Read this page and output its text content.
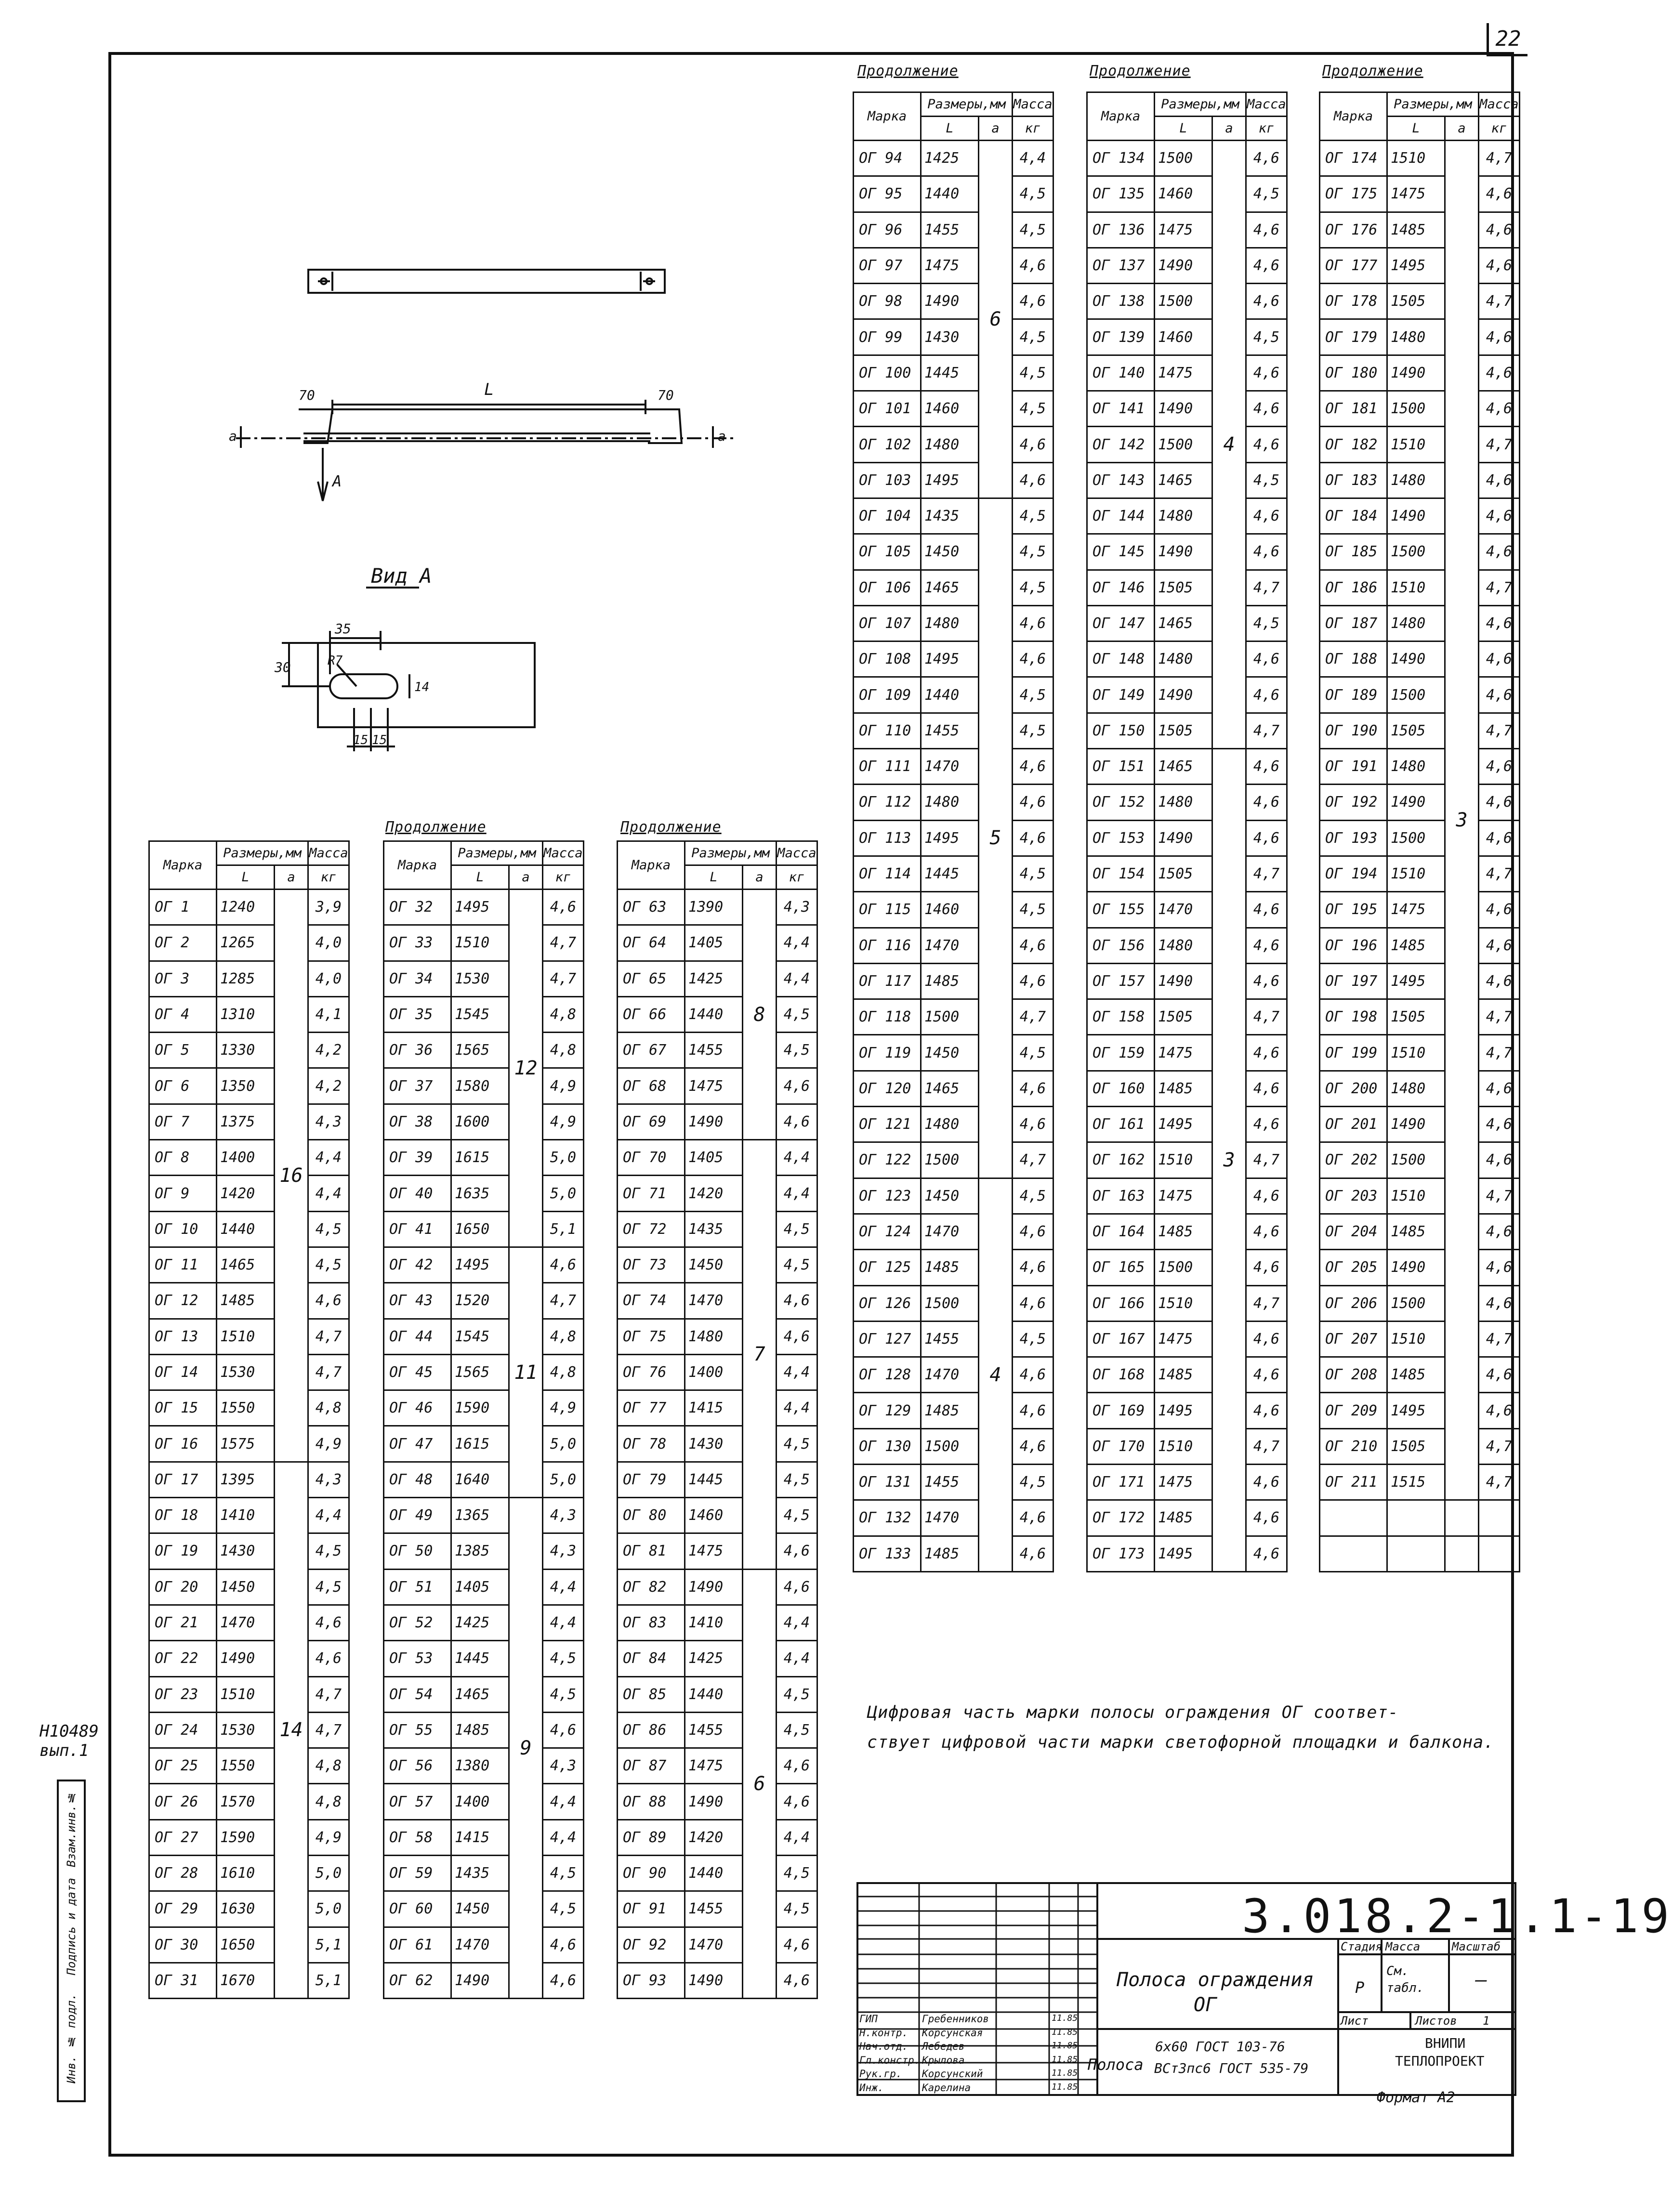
22
L
70	70
a	a
A
Вид А
35
30	R7
14
15 15
Продолжение	Продолжение	Продолжение
Продолжение	Продолжение
Марка	Размеры,мм		Масса
	L	a	кг
ОГ 1	1240	16	3,9
ОГ 2	1265		4,0
ОГ 3	1285		4,0
ОГ 4	1310		4,1
ОГ 5	1330		4,2
ОГ 6	1350		4,2
ОГ 7	1375		4,3
ОГ 8	1400		4,4
ОГ 9	1420		4,4
ОГ 10	1440		4,5
ОГ 11	1465		4,5
ОГ 12	1485		4,6
ОГ 13	1510		4,7
ОГ 14	1530		4,7
ОГ 15	1550		4,8
ОГ 16	1575		4,9
ОГ 17	1395	14	4,3
ОГ 18	1410		4,4
ОГ 19	1430		4,5
ОГ 20	1450		4,5
ОГ 21	1470		4,6
ОГ 22	1490		4,6
ОГ 23	1510		4,7
ОГ 24	1530		4,7
ОГ 25	1550		4,8
ОГ 26	1570		4,8
ОГ 27	1590		4,9
ОГ 28	1610		5,0
ОГ 29	1630		5,0
ОГ 30	1650		5,1
ОГ 31	1670		5,1
Марка	Размеры,мм		Масса
	L	a	кг
ОГ 32	1495	12	4,6
ОГ 33	1510		4,7
ОГ 34	1530		4,7
ОГ 35	1545		4,8
ОГ 36	1565		4,8
ОГ 37	1580		4,9
ОГ 38	1600		4,9
ОГ 39	1615		5,0
ОГ 40	1635		5,0
ОГ 41	1650		5,1
ОГ 42	1495	11	4,6
ОГ 43	1520		4,7
ОГ 44	1545		4,8
ОГ 45	1565		4,8
ОГ 46	1590		4,9
ОГ 47	1615		5,0
ОГ 48	1640		5,0
ОГ 49	1365	9	4,3
ОГ 50	1385		4,3
ОГ 51	1405		4,4
ОГ 52	1425		4,4
ОГ 53	1445		4,5
ОГ 54	1465		4,5
ОГ 55	1485		4,6
ОГ 56	1380		4,3
ОГ 57	1400		4,4
ОГ 58	1415		4,4
ОГ 59	1435		4,5
ОГ 60	1450		4,5
ОГ 61	1470		4,6
ОГ 62	1490		4,6
Марка	Размеры,мм		Масса
	L	a	кг
ОГ 63	1390	8	4,3
ОГ 64	1405		4,4
ОГ 65	1425		4,4
ОГ 66	1440		4,5
ОГ 67	1455		4,5
ОГ 68	1475		4,6
ОГ 69	1490		4,6
ОГ 70	1405	7	4,4
ОГ 71	1420		4,4
ОГ 72	1435		4,5
ОГ 73	1450		4,5
ОГ 74	1470		4,6
ОГ 75	1480		4,6
ОГ 76	1400		4,4
ОГ 77	1415		4,4
ОГ 78	1430		4,5
ОГ 79	1445		4,5
ОГ 80	1460		4,5
ОГ 81	1475		4,6
ОГ 82	1490	6	4,6
ОГ 83	1410		4,4
ОГ 84	1425		4,4
ОГ 85	1440		4,5
ОГ 86	1455		4,5
ОГ 87	1475		4,6
ОГ 88	1490		4,6
ОГ 89	1420		4,4
ОГ 90	1440		4,5
ОГ 91	1455		4,5
ОГ 92	1470		4,6
ОГ 93	1490		4,6
Марка	Размеры,мм		Масса
	L	a	кг
ОГ 94	1425	6	4,4
ОГ 95	1440		4,5
ОГ 96	1455		4,5
ОГ 97	1475		4,6
ОГ 98	1490		4,6
ОГ 99	1430		4,5
ОГ 100	1445		4,5
ОГ 101	1460		4,5
ОГ 102	1480		4,6
ОГ 103	1495		4,6
ОГ 104	1435	5	4,5
ОГ 105	1450		4,5
ОГ 106	1465		4,5
ОГ 107	1480		4,6
ОГ 108	1495		4,6
ОГ 109	1440		4,5
ОГ 110	1455		4,5
ОГ 111	1470		4,6
ОГ 112	1480		4,6
ОГ 113	1495		4,6
ОГ 114	1445		4,5
ОГ 115	1460		4,5
ОГ 116	1470		4,6
ОГ 117	1485		4,6
ОГ 118	1500		4,7
ОГ 119	1450		4,5
ОГ 120	1465		4,6
ОГ 121	1480		4,6
ОГ 122	1500		4,7
ОГ 123	1450	4	4,5
ОГ 124	1470		4,6
ОГ 125	1485		4,6
ОГ 126	1500		4,6
ОГ 127	1455		4,5
ОГ 128	1470		4,6
ОГ 129	1485		4,6
ОГ 130	1500		4,6
ОГ 131	1455		4,5
ОГ 132	1470		4,6
ОГ 133	1485		4,6
Марка	Размеры,мм		Масса
	L	a	кг
ОГ 134	1500	4	4,6
ОГ 135	1460		4,5
ОГ 136	1475		4,6
ОГ 137	1490		4,6
ОГ 138	1500		4,6
ОГ 139	1460		4,5
ОГ 140	1475		4,6
ОГ 141	1490		4,6
ОГ 142	1500		4,6
ОГ 143	1465		4,5
ОГ 144	1480		4,6
ОГ 145	1490		4,6
ОГ 146	1505		4,7
ОГ 147	1465		4,5
ОГ 148	1480		4,6
ОГ 149	1490		4,6
ОГ 150	1505		4,7
ОГ 151	1465	3	4,6
ОГ 152	1480		4,6
ОГ 153	1490		4,6
ОГ 154	1505		4,7
ОГ 155	1470		4,6
ОГ 156	1480		4,6
ОГ 157	1490		4,6
ОГ 158	1505		4,7
ОГ 159	1475		4,6
ОГ 160	1485		4,6
ОГ 161	1495		4,6
ОГ 162	1510		4,7
ОГ 163	1475		4,6
ОГ 164	1485		4,6
ОГ 165	1500		4,6
ОГ 166	1510		4,7
ОГ 167	1475		4,6
ОГ 168	1485		4,6
ОГ 169	1495		4,6
ОГ 170	1510		4,7
ОГ 171	1475		4,6
ОГ 172	1485		4,6
ОГ 173	1495		4,6
Марка	Размеры,мм		Масса
	L	a	кг
ОГ 174	1510	3	4,7
ОГ 175	1475		4,6
ОГ 176	1485		4,6
ОГ 177	1495		4,6
ОГ 178	1505		4,7
ОГ 179	1480		4,6
ОГ 180	1490		4,6
ОГ 181	1500		4,6
ОГ 182	1510		4,7
ОГ 183	1480		4,6
ОГ 184	1490		4,6
ОГ 185	1500		4,6
ОГ 186	1510		4,7
ОГ 187	1480		4,6
ОГ 188	1490		4,6
ОГ 189	1500		4,6
ОГ 190	1505		4,7
ОГ 191	1480		4,6
ОГ 192	1490		4,6
ОГ 193	1500		4,6
ОГ 194	1510		4,7
ОГ 195	1475		4,6
ОГ 196	1485		4,6
ОГ 197	1495		4,6
ОГ 198	1505		4,7
ОГ 199	1510		4,7
ОГ 200	1480		4,6
ОГ 201	1490		4,6
ОГ 202	1500		4,6
ОГ 203	1510		4,7
ОГ 204	1485		4,6
ОГ 205	1490		4,6
ОГ 206	1500		4,6
ОГ 207	1510		4,7
ОГ 208	1485		4,6
ОГ 209	1495		4,6
ОГ 210	1505		4,7
ОГ 211	1515		4,7

Цифровая часть марки полосы ограждения ОГ соответ-
ствует цифровой части марки светофорной площадки и балкона.
3.018.2-1.1-19
Полоса ограждения
ОГ
Стадия Масса	Масштаб
Р
См.
табл.	—
Лист	Листов 1
ВНИПИ
ТЕПЛОПРОЕКТ
Полоса
6x60 ГОСТ 103-76
ВСт3пс6 ГОСТ 535-79
Формат А2
ГИП	Гребенников	11.85
Н.контр. Корсунская	11.85
Нач.отд. Лебедев	11.85
Гл.констр. Крылова	11.85
Рук.гр. Корсунский	11.85
Инж.	Карелина	11.85
Н10489
вып.1
Инв. № подл.
Подпись и дата
Взам.инв.№
